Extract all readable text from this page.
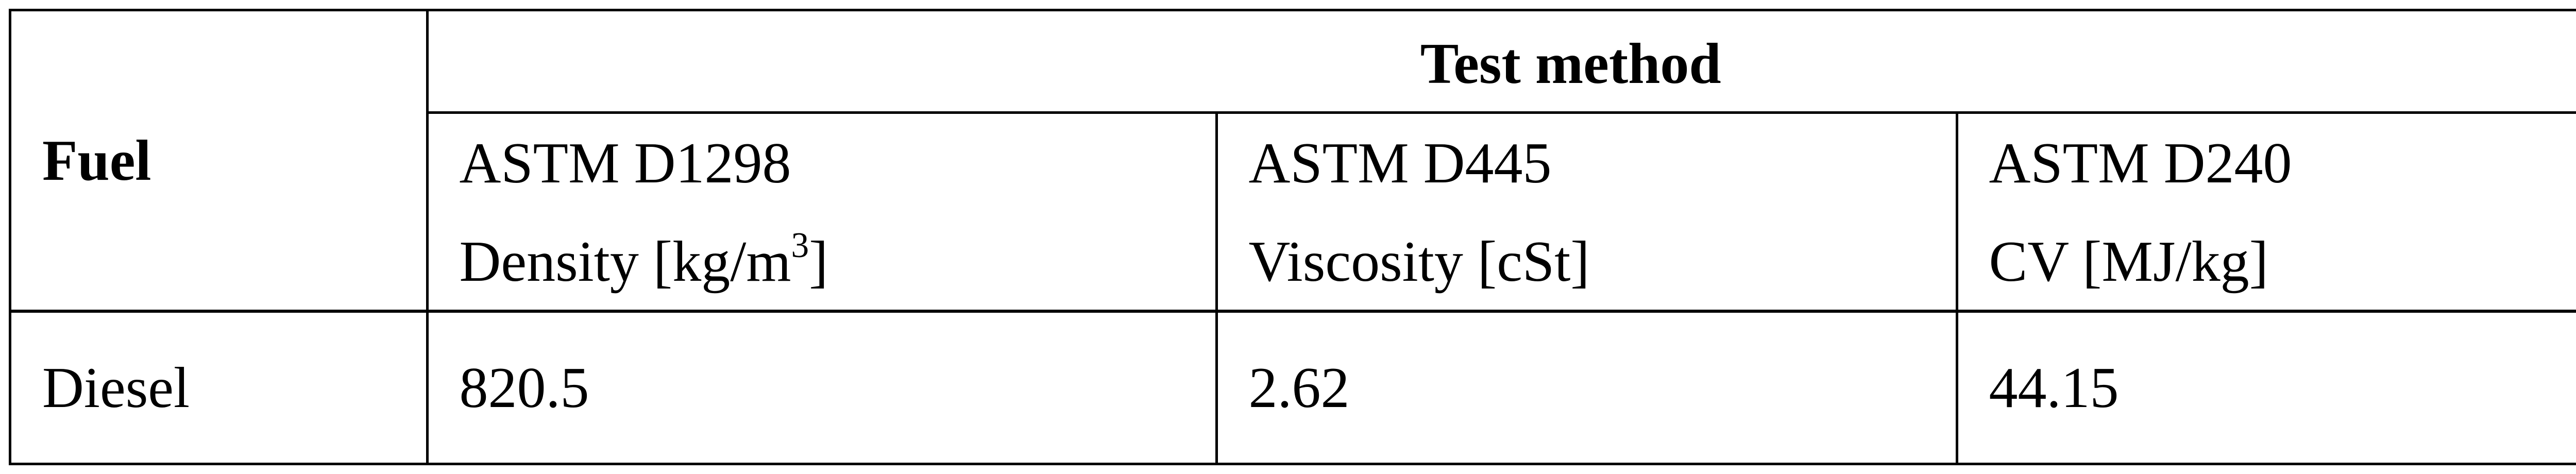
Fuel	Test method		
	ASTM D1298	ASTM D445	ASTM D240
	Density $[kg/m^3]$	Viscosity [cSt]	CV [MJ/kg]
Diesel	820.5	2.62	44.15
